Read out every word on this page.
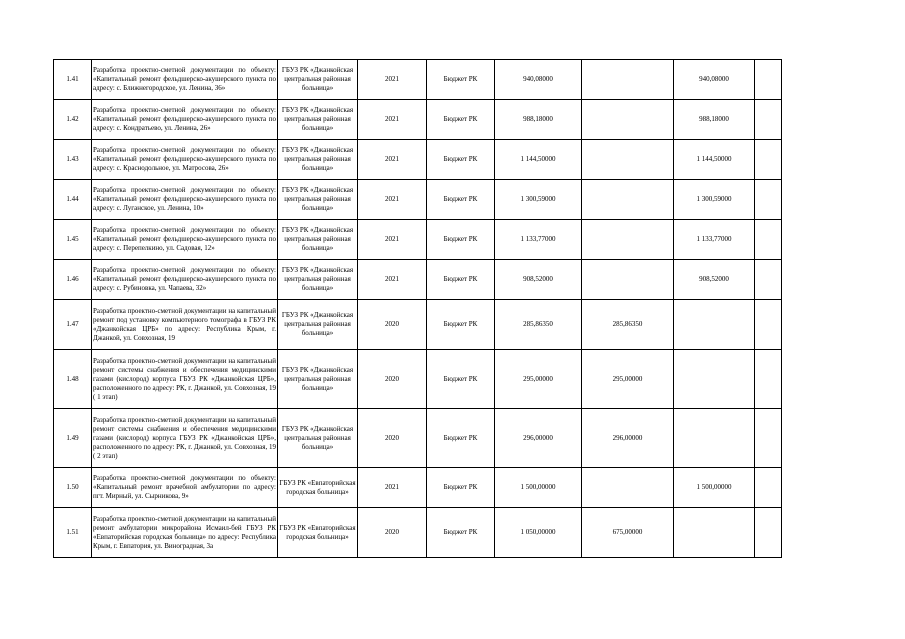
1.41	Разработка проектно-сметной документации по объекту: «Капитальный ремонт фельдшерско-акушерского пункта по адресу: с. Ближнегородское, ул. Ленина, 36»	ГБУЗ РК «Джанкойская центральная районная больница»	2021	Бюджет РК	940,08000		940,08000	
1.42	Разработка проектно-сметной документации по объекту: «Капитальный ремонт фельдшерско-акушерского пункта по адресу: с. Кондратьево, ул. Ленина, 26»	ГБУЗ РК «Джанкойская центральная районная больница»	2021	Бюджет РК	988,18000		988,18000	
1.43	Разработка проектно-сметной документации по объекту: «Капитальный ремонт фельдшерско-акушерского пункта по адресу: с. Краснодольное, ул. Матросова, 26»	ГБУЗ РК «Джанкойская центральная районная больница»	2021	Бюджет РК	1 144,50000		1 144,50000	
1.44	Разработка проектно-сметной документации по объекту: «Капитальный ремонт фельдшерско-акушерского пункта по адресу: с. Луганское, ул. Ленина, 10»	ГБУЗ РК «Джанкойская центральная районная больница»	2021	Бюджет РК	1 300,59000		1 300,59000	
1.45	Разработка проектно-сметной документации по объекту: «Капитальный ремонт фельдшерско-акушерского пункта по адресу: с. Перепелкино, ул. Садовая, 12»	ГБУЗ РК «Джанкойская центральная районная больница»	2021	Бюджет РК	1 133,77000		1 133,77000	
1.46	Разработка проектно-сметной документации по объекту: «Капитальный ремонт фельдшерско-акушерского пункта по адресу: с. Рубиновка, ул. Чапаева, 32»	ГБУЗ РК «Джанкойская центральная районная больница»	2021	Бюджет РК	908,52000		908,52000	
1.47	Разработка проектно-сметной документации на капитальный ремонт под установку компьютерного томографа в ГБУЗ РК «Джанкойская ЦРБ» по адресу: Республика Крым, г. Джанкой, ул. Совхозная, 19	ГБУЗ РК «Джанкойская центральная районная больница»	2020	Бюджет РК	285,86350	285,86350		
1.48	Разработка проектно-сметной документации на капитальный ремонт системы снабжения и обеспечения медицинскими газами (кислород) корпуса ГБУЗ РК «Джанкойская ЦРБ», расположенного по адресу: РК, г. Джанкой, ул. Совхозная, 19 ( 1 этап)	ГБУЗ РК «Джанкойская центральная районная больница»	2020	Бюджет РК	295,00000	295,00000		
1.49	Разработка проектно-сметной документации на капитальный ремонт системы снабжения и обеспечения медицинскими газами (кислород) корпуса ГБУЗ РК «Джанкойская ЦРБ», расположенного по адресу: РК, г. Джанкой, ул. Совхозная, 19 ( 2 этап)	ГБУЗ РК «Джанкойская центральная районная больница»	2020	Бюджет РК	296,00000	296,00000		
1.50	Разработка проектно-сметной документации по объекту: «Капитальный ремонт врачебной амбулатории по адресу: пгт. Мирный, ул. Сырникова, 9»	ГБУЗ РК «Евпаторийская городская больница»	2021	Бюджет РК	1 500,00000		1 500,00000	
1.51	Разработка проектно-сметной документации на капитальный ремонт амбулатории микрорайона Исмаил-бей ГБУЗ РК «Евпаторийская городская больница» по адресу: Республика Крым, г. Евпатория, ул. Виноградная, 3а	ГБУЗ РК «Евпаторийская городская больница»	2020	Бюджет РК	1 050,00000	675,00000		
